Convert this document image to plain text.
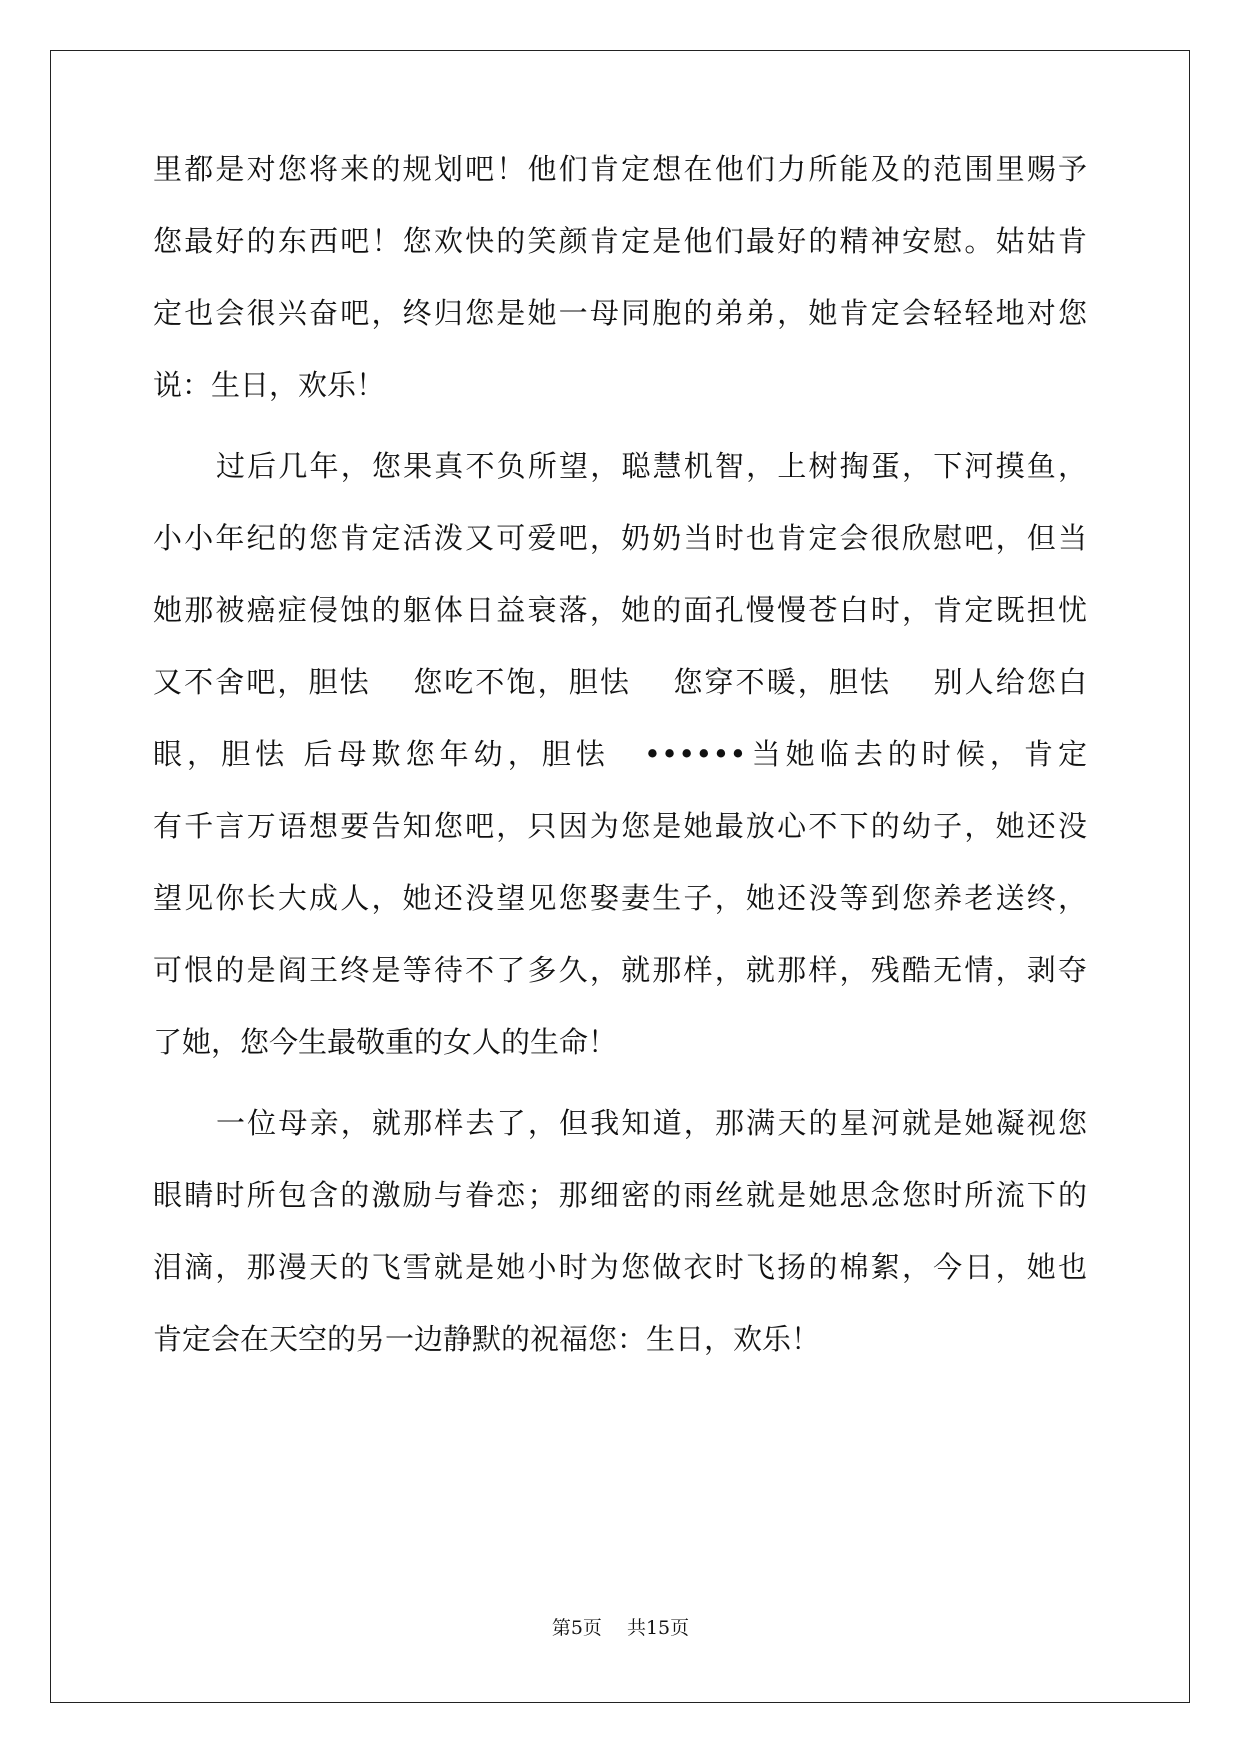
里都是对您将来的规划吧！他们肯定想在他们力所能及的范围里赐予
您最好的东西吧！您欢快的笑颜肯定是他们最好的精神安慰。姑姑肯
定也会很兴奋吧，终归您是她一母同胞的弟弟，她肯定会轻轻地对您
说：生日，欢乐！
过后几年，您果真不负所望，聪慧机智，上树掏蛋，下河摸鱼，
小小年纪的您肯定活泼又可爱吧，奶奶当时也肯定会很欣慰吧，但当
她那被癌症侵蚀的躯体日益衰落，她的面孔慢慢苍白时，肯定既担忧
又不舍吧，胆怯　 您吃不饱，胆怯　 您穿不暖，胆怯　 别人给您白
眼，胆怯 后母欺您年幼，胆怯　••••••当她临去的时候，肯定
有千言万语想要告知您吧，只因为您是她最放心不下的幼子，她还没
望见你长大成人，她还没望见您娶妻生子，她还没等到您养老送终，
可恨的是阎王终是等待不了多久，就那样，就那样，残酷无情，剥夺
了她，您今生最敬重的女人的生命！
一位母亲，就那样去了，但我知道，那满天的星河就是她凝视您
眼睛时所包含的激励与眷恋；那细密的雨丝就是她思念您时所流下的
泪滴，那漫天的飞雪就是她小时为您做衣时飞扬的棉絮，今日，她也
肯定会在天空的另一边静默的祝福您：生日，欢乐！
第5页　 共15页
